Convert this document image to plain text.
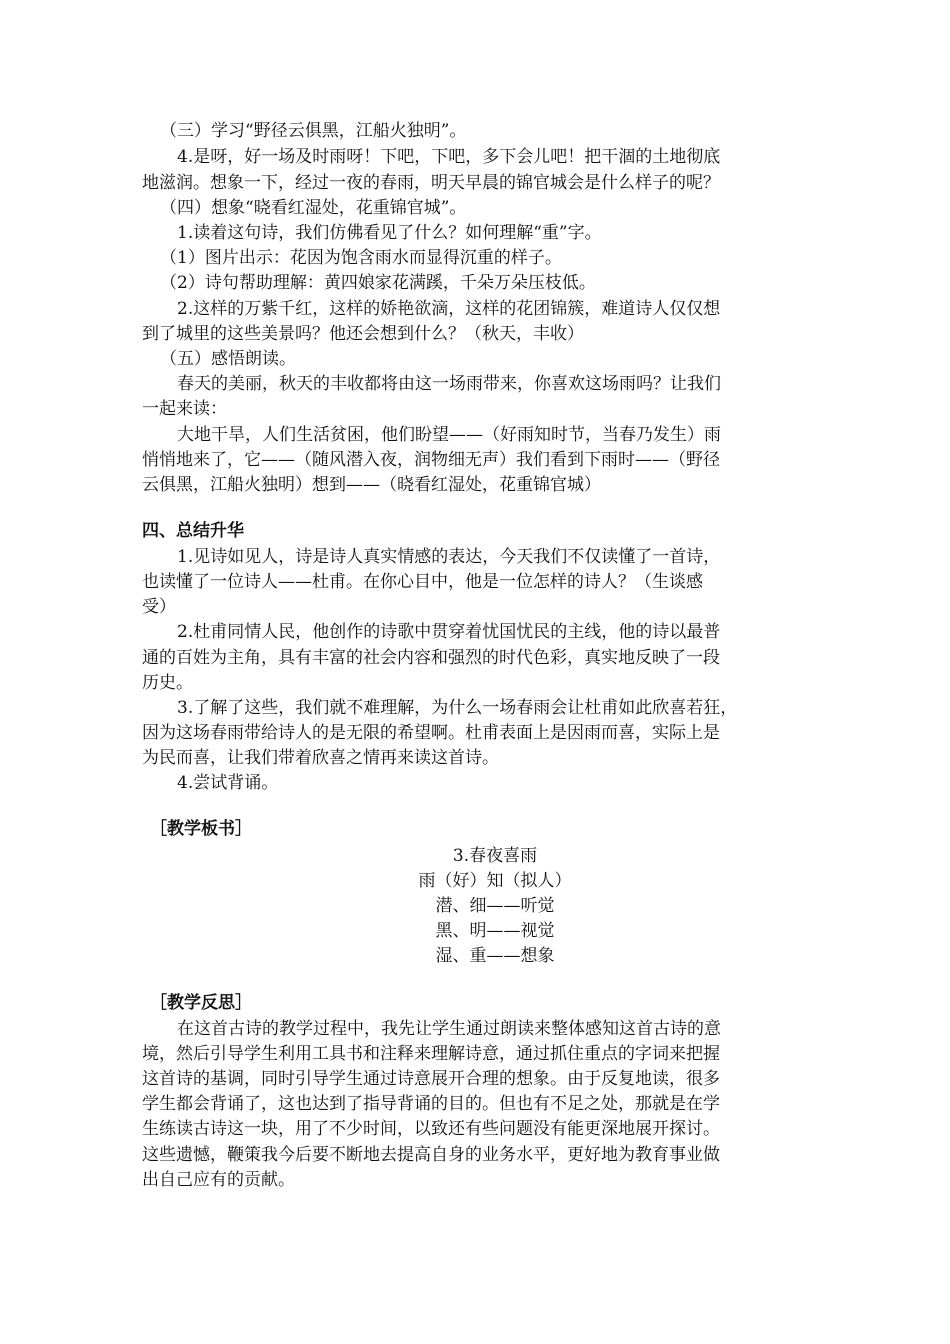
（三）学习“野径云俱黑，江船火独明”。

4.是呀，好一场及时雨呀！下吧，下吧，多下会儿吧！把干涸的土地彻底

地滋润。想象一下，经过一夜的春雨，明天早晨的锦官城会是什么样子的呢？

（四）想象“晓看红湿处，花重锦官城”。

1.读着这句诗，我们仿佛看见了什么？如何理解“重”字。

（1）图片出示：花因为饱含雨水而显得沉重的样子。

（2）诗句帮助理解：黄四娘家花满蹊，千朵万朵压枝低。

2.这样的万紫千红，这样的娇艳欲滴，这样的花团锦簇，难道诗人仅仅想

到了城里的这些美景吗？他还会想到什么？（秋天，丰收）

（五）感悟朗读。

春天的美丽，秋天的丰收都将由这一场雨带来，你喜欢这场雨吗？让我们

一起来读：

大地干旱，人们生活贫困，他们盼望——（好雨知时节，当春乃发生）雨

悄悄地来了，它——（随风潜入夜，润物细无声）我们看到下雨时——（野径

云俱黑，江船火独明）想到——（晓看红湿处，花重锦官城）

四、总结升华

1.见诗如见人，诗是诗人真实情感的表达，今天我们不仅读懂了一首诗，

也读懂了一位诗人——杜甫。在你心目中，他是一位怎样的诗人？（生谈感

受）

2.杜甫同情人民，他创作的诗歌中贯穿着忧国忧民的主线，他的诗以最普

通的百姓为主角，具有丰富的社会内容和强烈的时代色彩，真实地反映了一段

历史。

3.了解了这些，我们就不难理解，为什么一场春雨会让杜甫如此欣喜若狂，

因为这场春雨带给诗人的是无限的希望啊。杜甫表面上是因雨而喜，实际上是

为民而喜，让我们带着欣喜之情再来读这首诗。

4.尝试背诵。

［教学板书］

3.春夜喜雨

雨（好）知（拟人）

潜、细——听觉

黑、明——视觉

湿、重——想象

［教学反思］

在这首古诗的教学过程中，我先让学生通过朗读来整体感知这首古诗的意

境，然后引导学生利用工具书和注释来理解诗意，通过抓住重点的字词来把握

这首诗的基调，同时引导学生通过诗意展开合理的想象。由于反复地读，很多

学生都会背诵了，这也达到了指导背诵的目的。但也有不足之处，那就是在学

生练读古诗这一块，用了不少时间，以致还有些问题没有能更深地展开探讨。

这些遗憾，鞭策我今后要不断地去提高自身的业务水平，更好地为教育事业做

出自己应有的贡献。
